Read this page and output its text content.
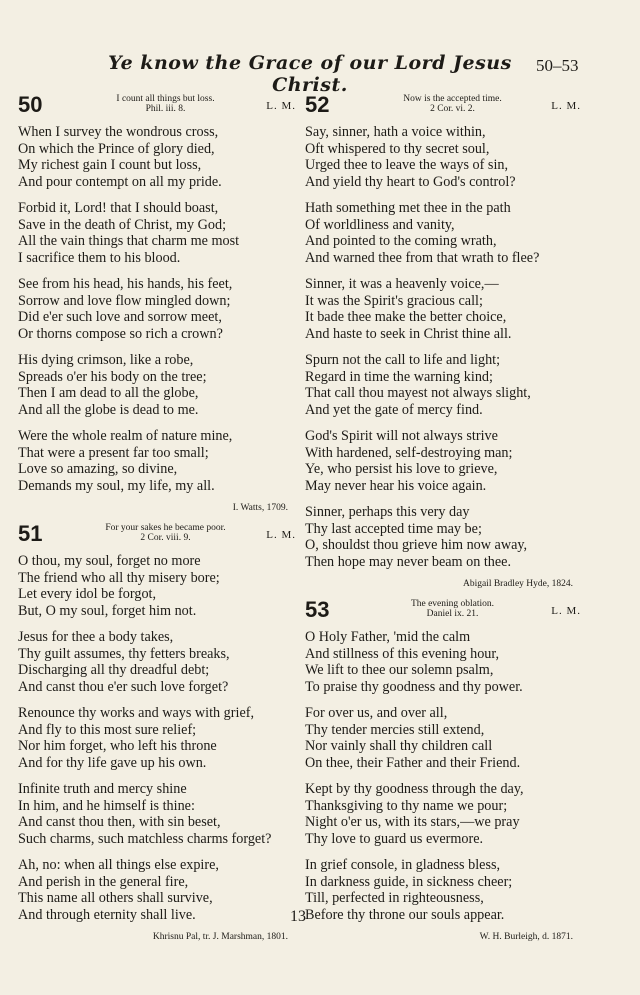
Ye know the Grace of our Lord Jesus Christ.
50–53
50	I count all things but loss.
Phil. iii. 8.	L. M.
When I survey the wondrous cross,
On which the Prince of glory died,
My richest gain I count but loss,
And pour contempt on all my pride.
Forbid it, Lord! that I should boast,
Save in the death of Christ, my God;
All the vain things that charm me most
I sacrifice them to his blood.
See from his head, his hands, his feet,
Sorrow and love flow mingled down;
Did e'er such love and sorrow meet,
Or thorns compose so rich a crown?
His dying crimson, like a robe,
Spreads o'er his body on the tree;
Then I am dead to all the globe,
And all the globe is dead to me.
Were the whole realm of nature mine,
That were a present far too small;
Love so amazing, so divine,
Demands my soul, my life, my all.
I. Watts, 1709.
51	For your sakes he became poor.
2 Cor. viii. 9.	L. M.
O thou, my soul, forget no more
The friend who all thy misery bore;
Let every idol be forgot,
But, O my soul, forget him not.
Jesus for thee a body takes,
Thy guilt assumes, thy fetters breaks,
Discharging all thy dreadful debt;
And canst thou e'er such love forget?
Renounce thy works and ways with grief,
And fly to this most sure relief;
Nor him forget, who left his throne
And for thy life gave up his own.
Infinite truth and mercy shine
In him, and he himself is thine:
And canst thou then, with sin beset,
Such charms, such matchless charms forget?
Ah, no: when all things else expire,
And perish in the general fire,
This name all others shall survive,
And through eternity shall live.
Khrisnu Pal, tr. J. Marshman, 1801.
52	Now is the accepted time.
2 Cor. vi. 2.	L. M.
Say, sinner, hath a voice within,
Oft whispered to thy secret soul,
Urged thee to leave the ways of sin,
And yield thy heart to God's control?
Hath something met thee in the path
Of worldliness and vanity,
And pointed to the coming wrath,
And warned thee from that wrath to flee?
Sinner, it was a heavenly voice,—
It was the Spirit's gracious call;
It bade thee make the better choice,
And haste to seek in Christ thine all.
Spurn not the call to life and light;
Regard in time the warning kind;
That call thou mayest not always slight,
And yet the gate of mercy find.
God's Spirit will not always strive
With hardened, self-destroying man;
Ye, who persist his love to grieve,
May never hear his voice again.
Sinner, perhaps this very day
Thy last accepted time may be;
O, shouldst thou grieve him now away,
Then hope may never beam on thee.
Abigail Bradley Hyde, 1824.
53	The evening oblation.
Daniel ix. 21.	L. M.
O Holy Father, 'mid the calm
And stillness of this evening hour,
We lift to thee our solemn psalm,
To praise thy goodness and thy power.
For over us, and over all,
Thy tender mercies still extend,
Nor vainly shall thy children call
On thee, their Father and their Friend.
Kept by thy goodness through the day,
Thanksgiving to thy name we pour;
Night o'er us, with its stars,—we pray
Thy love to guard us evermore.
In grief console, in gladness bless,
In darkness guide, in sickness cheer;
Till, perfected in righteousness,
Before thy throne our souls appear.
W. H. Burleigh, d. 1871.
13
